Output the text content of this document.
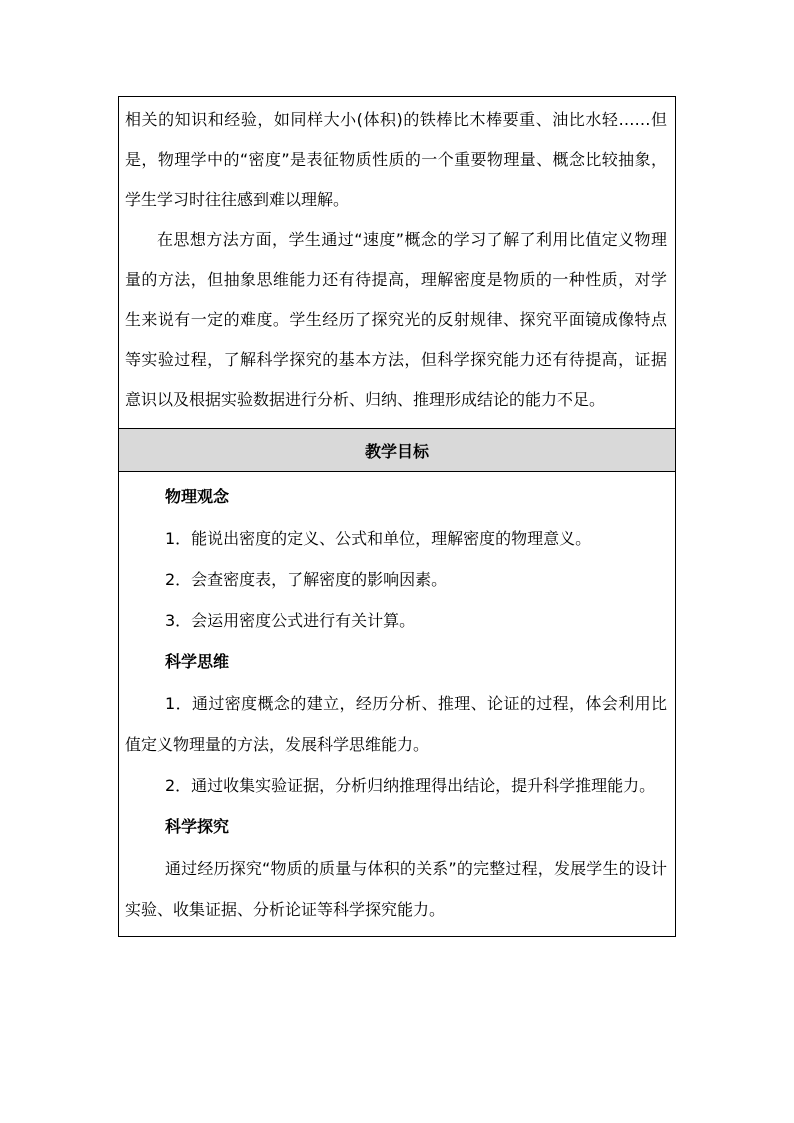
相关的知识和经验，如同样大小(体积)的铁棒比木棒要重、油比水轻……但是，物理学中的“密度”是表征物质性质的一个重要物理量、概念比较抽象，学生学习时往往感到难以理解。

在思想方法方面，学生通过“速度”概念的学习了解了利用比值定义物理量的方法，但抽象思维能力还有待提高，理解密度是物质的一种性质，对学生来说有一定的难度。学生经历了探究光的反射规律、探究平面镜成像特点等实验过程，了解科学探究的基本方法，但科学探究能力还有待提高，证据意识以及根据实验数据进行分析、归纳、推理形成结论的能力不足。

教学目标

物理观念

1．能说出密度的定义、公式和单位，理解密度的物理意义。

2．会查密度表，了解密度的影响因素。

3．会运用密度公式进行有关计算。

科学思维

1．通过密度概念的建立，经历分析、推理、论证的过程，体会利用比值定义物理量的方法，发展科学思维能力。

2．通过收集实验证据，分析归纳推理得出结论，提升科学推理能力。

科学探究

通过经历探究“物质的质量与体积的关系”的完整过程，发展学生的设计实验、收集证据、分析论证等科学探究能力。
